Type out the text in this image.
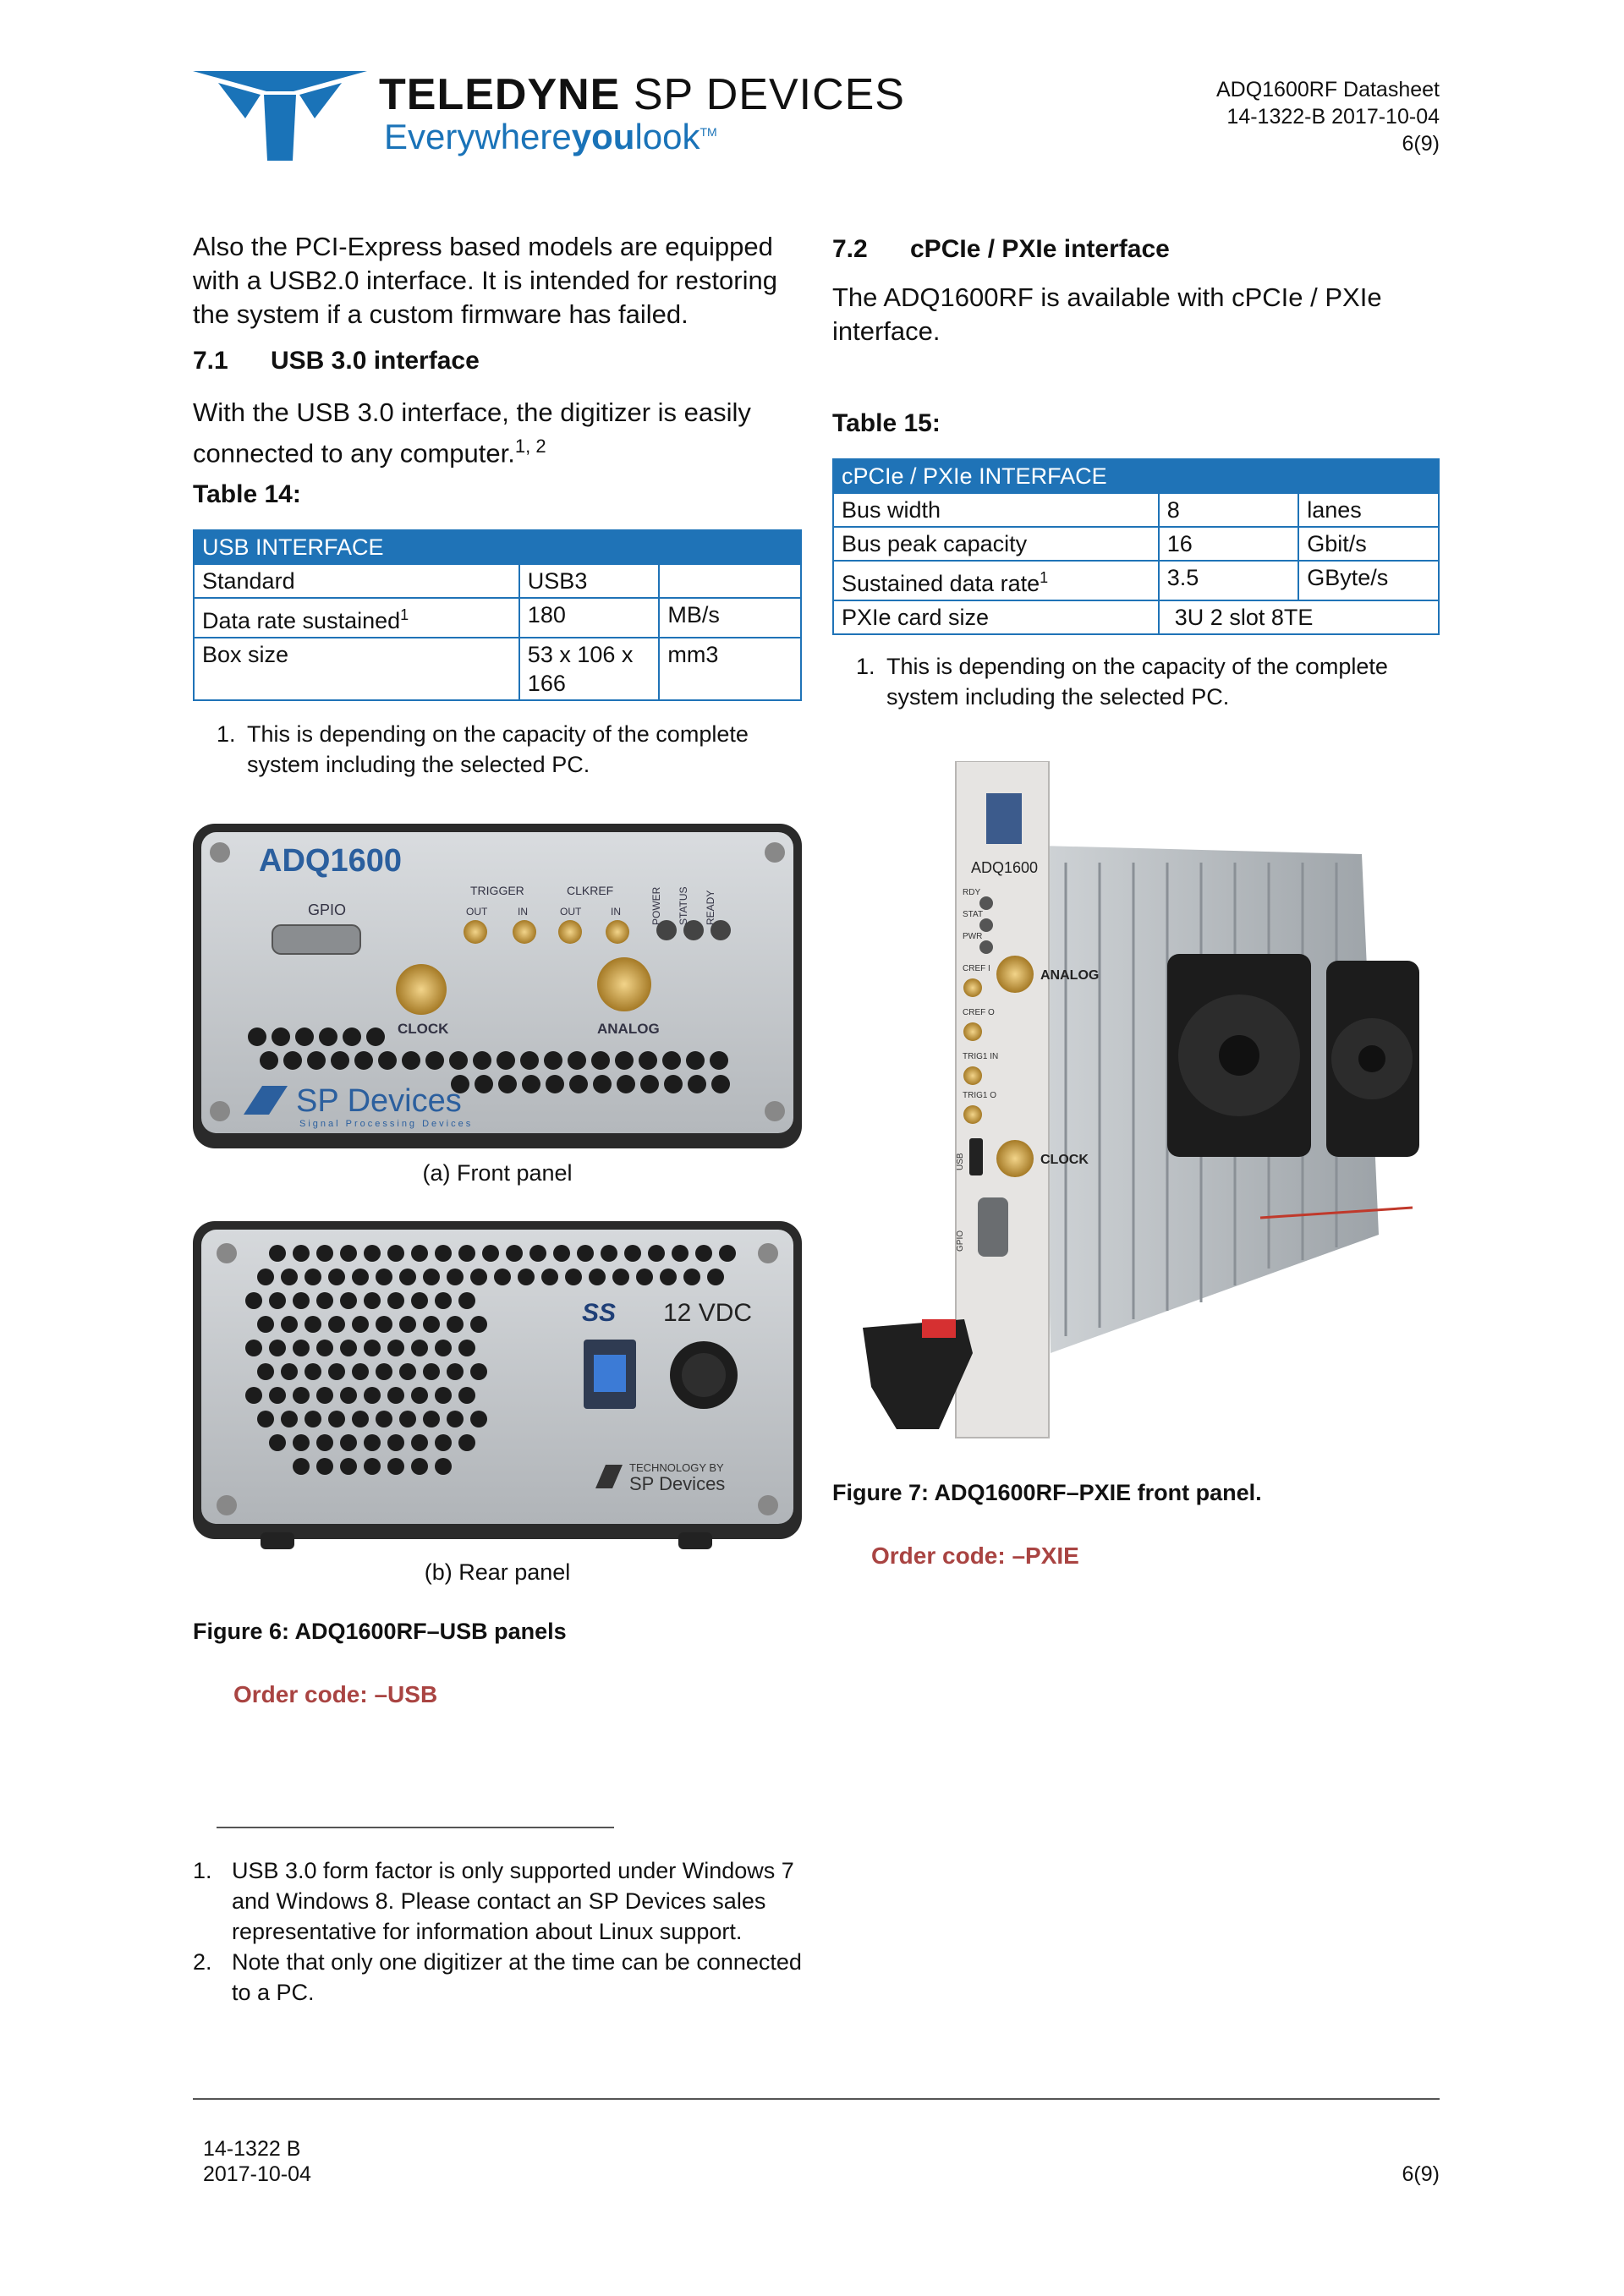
TELEDYNE SP DEVICES
Everywhereyoulook™
ADQ1600RF Datasheet
14-1322-B 2017-10-04
6(9)
Also the PCI-Express based models are equipped with a USB2.0 interface. It is intended for restoring the system if a custom firmware has failed.
7.1 USB 3.0 interface
With the USB 3.0 interface, the digitizer is easily connected to any computer.$^{1, 2}$
Table 14:
USB INTERFACE		
Standard	USB3	
Data rate sustained$^1$	180	MB/s
Box size	53 x 106 x 166	mm3
1. This is depending on the capacity of the complete system including the selected PC.
ADQ1600
GPIO
TRIGGER	CLKREF
OUT	IN	OUT	IN	POWER STATUS READY
CLOCK	ANALOG
SP Devices
Signal Processing Devices
(a) Front panel
SS 12 VDC
TECHNOLOGY BY
SP Devices
(b) Rear panel
Figure 6: ADQ1600RF–USB panels
Order code: –USB
1. USB 3.0 form factor is only supported under Windows 7 and Windows 8. Please contact an SP Devices sales representative for information about Linux support.
2. Note that only one digitizer at the time can be connected to a PC.
7.2 cPCIe / PXIe interface
The ADQ1600RF is available with cPCIe / PXIe interface.
Table 15:
cPCIe / PXIe INTERFACE		
Bus width	8	lanes
Bus peak capacity	16	Gbit/s
Sustained data rate$^1$	3.5	GByte/s
PXIe card size	3U 2 slot 8TE	
1. This is depending on the capacity of the complete system including the selected PC.
ADQ1600
RDY
STAT
PWR
CREF I
CREF O
TRIG1 IN
TRIG1 O
ANALOG
USB	CLOCK
GPIO
Figure 7: ADQ1600RF–PXIE front panel.
Order code: –PXIE
14-1322 B
2017-10-04	6(9)
